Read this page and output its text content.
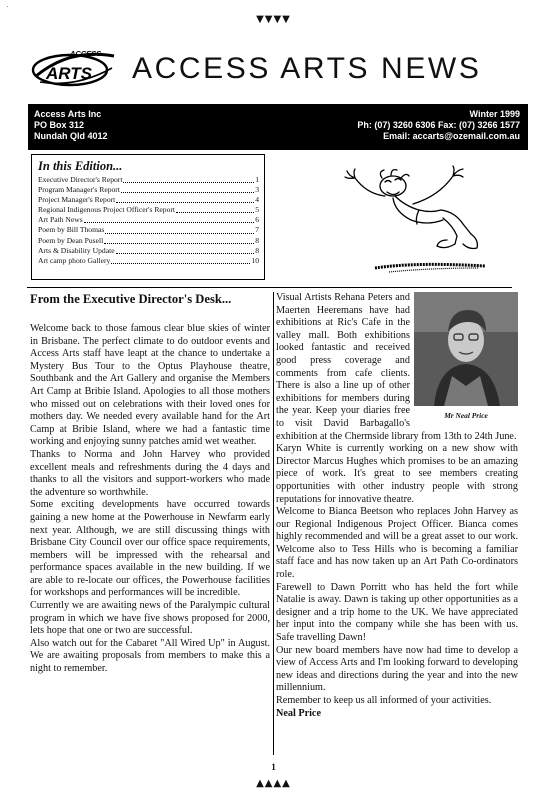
·
▼▼▼▼
ACCESS
ARTS ACCESS ARTS NEWS
Access Arts Inc
PO Box 312
Nundah Qld 4012
Winter 1999
Ph: (07) 3260 6306 Fax: (07) 3266 1577
Email: accarts@ozemail.com.au
In this Edition...
Executive Director's Report	1
Program Manager's Report	3
Project Manager's Report	4
Regional Indigenous Project Officer's Report	5
Art Path News	6
Poem by Bill Thomas	7
Poem by Dean Pusell	8
Arts & Disability Update	8
Art camp photo Gallery	10
From the Executive Director's Desk...

Welcome back to those famous clear blue skies of winter in Brisbane. The perfect climate to do outdoor events and Access Arts staff have leapt at the chance to undertake a Mystery Bus Tour to the Optus Playhouse theatre, Southbank and the Art Gallery and organise the Members Art Camp at Bribie Island. Apologies to all those mothers who missed out on celebrations with their loved ones for mothers day. We needed every available hand for the Art Camp at Bribie Island, where we had a fantastic time working and enjoying sunny patches amid wet weather.

Thanks to Norma and John Harvey who provided excellent meals and refreshments during the 4 days and thanks to all the visitors and support-workers who made the adventure so worthwhile.

Some exciting developments have occurred towards gaining a new home at the Powerhouse in Newfarm early next year. Although, we are still discussing things with Brisbane City Council over our office space requirements, members will be impressed with the rehearsal and performance spaces available in the new building. If we are able to re-locate our offices, the Powerhouse facilities for workshops and performances will be incredible.

Currently we are awaiting news of the Paralympic cultural program in which we have five shows proposed for 2000, lets hope that one or two are successful.

Also watch out for the Cabaret "All Wired Up" in August. We are awaiting proposals from members to make this a night to remember.

Mr Neal Price

Visual Artists Rehana Peters and Maerten Heeremans have had exhibitions at Ric's Cafe in the valley mall. Both exhibitions looked fantastic and received good press coverage and comments from cafe clients. There is also a line up of other exhibitions for members during the year. Keep your diaries free to visit David Barbagallo's exhibition at the Chermside library from 13th to 24th June.

Karyn White is currently working on a new show with Director Marcus Hughes which promises to be an amazing piece of work. It's great to see members creating opportunities with other industry people with strong reputations for innovative theatre.

Welcome to Bianca Beetson who replaces John Harvey as our Regional Indigenous Project Officer. Bianca comes highly recommended and will be a great asset to our work. Welcome also to Tess Hills who is becoming a familiar staff face and has now taken up an Art Path Co-ordinators role.

Farewell to Dawn Porritt who has held the fort while Natalie is away. Dawn is taking up other opportunities as a designer and a trip home to the UK. We have appreciated her input into the company while she has been with us. Safe travelling Dawn!

Our new board members have now had time to develop a view of Access Arts and I'm looking forward to developing new ideas and directions during the year and into the new millennium.

Remember to keep us all informed of your activities.

Neal Price

1
▲▲▲▲
